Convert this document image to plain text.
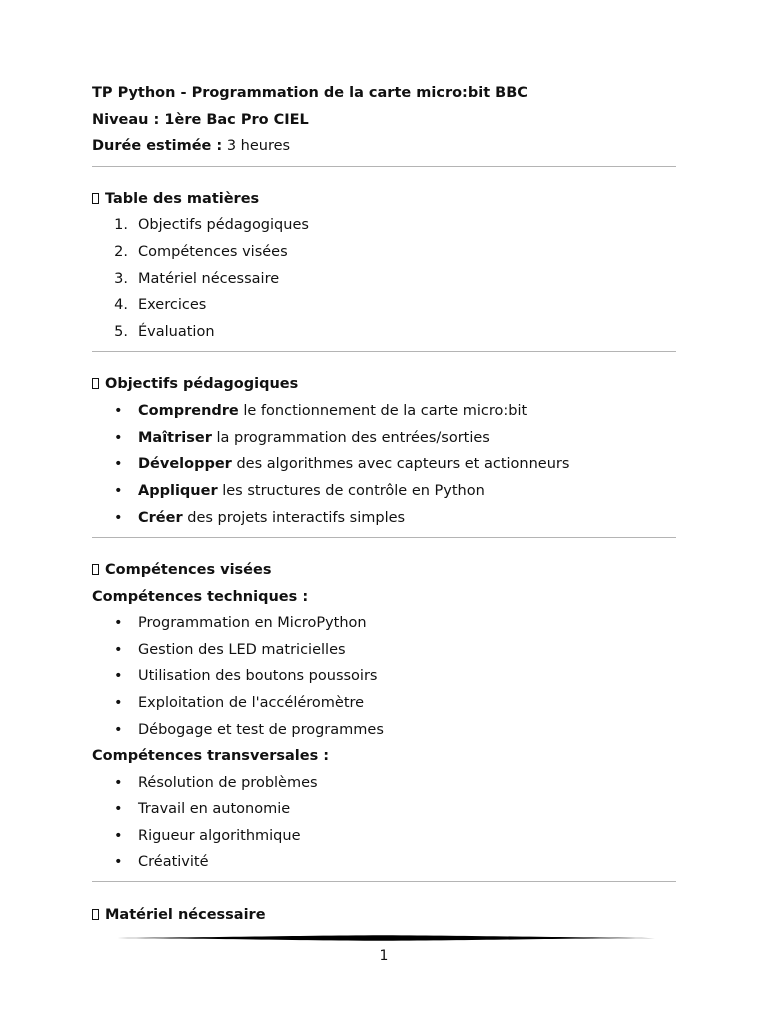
TP Python - Programmation de la carte micro:bit BBC
Niveau : 1ère Bac Pro CIEL
Durée estimée : 3 heures
Table des matières
1. Objectifs pédagogiques
2. Compétences visées
3. Matériel nécessaire
4. Exercices
5. Évaluation
Objectifs pédagogiques
• Comprendre le fonctionnement de la carte micro:bit
• Maîtriser la programmation des entrées/sorties
• Développer des algorithmes avec capteurs et actionneurs
• Appliquer les structures de contrôle en Python
• Créer des projets interactifs simples
Compétences visées
Compétences techniques :
• Programmation en MicroPython
• Gestion des LED matricielles
• Utilisation des boutons poussoirs
• Exploitation de l'accéléromètre
• Débogage et test de programmes
Compétences transversales :
• Résolution de problèmes
• Travail en autonomie
• Rigueur algorithmique
• Créativité
Matériel nécessaire
1
